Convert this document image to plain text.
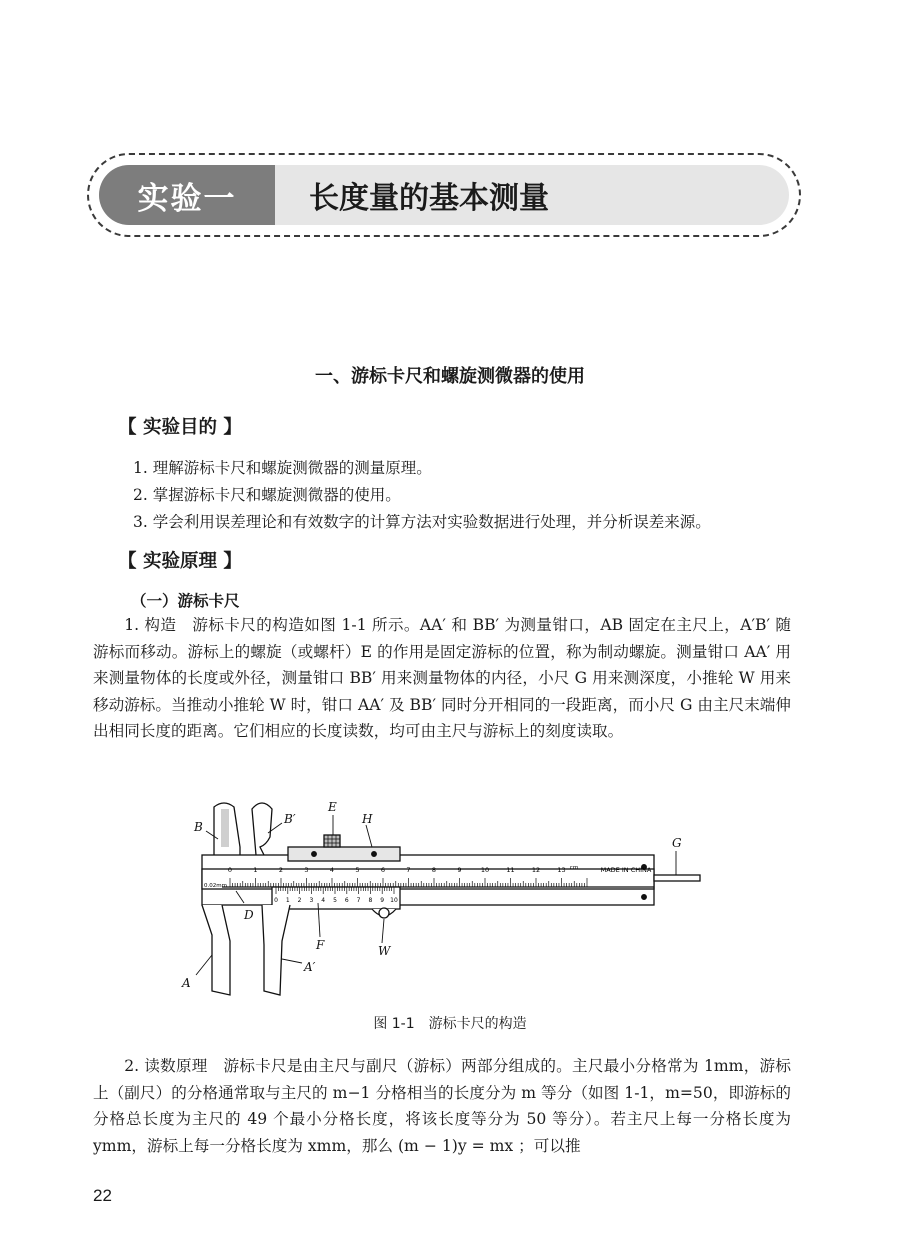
实验一	长度量的基本测量
一、游标卡尺和螺旋测微器的使用
【 实验目的 】
1. 理解游标卡尺和螺旋测微器的测量原理。
2. 掌握游标卡尺和螺旋测微器的使用。
3. 学会利用误差理论和有效数字的计算方法对实验数据进行处理，并分析误差来源。
【 实验原理 】
（一）游标卡尺

1. 构造　游标卡尺的构造如图 1-1 所示。AA′ 和 BB′ 为测量钳口，AB 固定在主尺上，A′B′ 随游标而移动。游标上的螺旋（或螺杆）E 的作用是固定游标的位置，称为制动螺旋。测量钳口 AA′ 用来测量物体的长度或外径，测量钳口 BB′ 用来测量物体的内径，小尺 G 用来测深度，小推轮 W 用来移动游标。当推动小推轮 W 时，钳口 AA′ 及 BB′ 同时分开相同的一段距离，而小尺 G 由主尺末端伸出相同长度的距离。它们相应的长度读数，均可由主尺与游标上的刻度读取。

0	1	2	3	4	5	6	7	8	9	10	11	12	13
0 1 2 3 4 5 6 7 8 9 10
cm	MADE IN CHINA
0.02mm
B
B′
E
H
G
D
F	W
A
A′
图 1-1　游标卡尺的构造

2. 读数原理　游标卡尺是由主尺与副尺（游标）两部分组成的。主尺最小分格常为 1mm，游标上（副尺）的分格通常取与主尺的 m−1 分格相当的长度分为 m 等分（如图 1-1，m=50，即游标的分格总长度为主尺的 49 个最小分格长度，将该长度等分为 50 等分）。若主尺上每一分格长度为 ymm，游标上每一分格长度为 xmm，那么 (m − 1)y = mx ；可以推

22
